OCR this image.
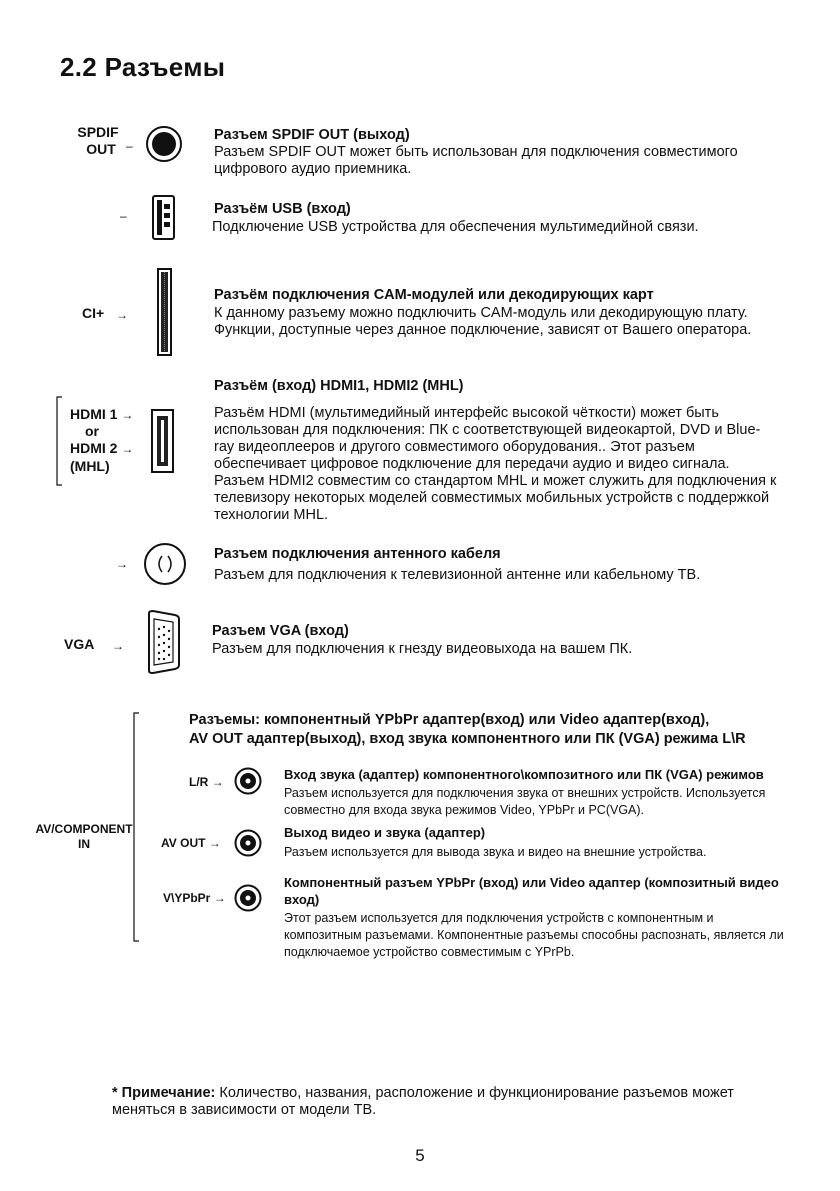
2.2 Разъемы
SPDIF
OUT –
Разъем SPDIF OUT (выход)
Разъем SPDIF OUT может быть использован для подключения совместимого цифрового аудио приемника.
–	Разъём USB (вход)
Подключение USB устройства для обеспечения мультимедийной связи.
CI+ →
Разъём подключения CAM-модулей или декодирующих карт
К данному разъему можно подключить CAM-модуль или декодирующую плату. Функции, доступные через данное подключение, зависят от Вашего оператора.
Разъём (вход) HDMI1, HDMI2 (MHL)
HDMI 1 →
or
HDMI 2 →
(MHL)
Разъём HDMI (мультимедийный интерфейс высокой чёткости) может быть использован для подключения: ПК с соответствующей видеокартой, DVD и Blue-ray видеоплееров и другого совместимого оборудования.. Этот разъем обеспечивает цифровое подключение для передачи аудио и видео сигнала. Разъем HDMI2 совместим со стандартом MHL и может служить для подключения к телевизору некоторых моделей совместимых мобильных устройств с поддержкой технологии MHL.
→
Разъем подключения антенного кабеля
Разъем для подключения к телевизионной антенне или кабельному ТВ.
VGA →
Разъем VGA (вход)
Разъем для подключения к гнезду видеовыхода на вашем ПК.
Разъемы: компонентный YPbPr адаптер(вход) или Video адаптер(вход),
AV OUT адаптер(выход), вход звука компонентного или ПК (VGA) режима L\R
AV/COMPONENT
IN
L/R →	Вход звука (адаптер) компонентного\композитного или ПК (VGA) режимов
Разъем используется для подключения звука от внешних устройств. Используется совместно для входа звука режимов Video, YPbPr и PC(VGA).
AV OUT →
Выход видео и звука (адаптер)
Разъем используется для вывода звука и видео на внешние устройства.
V\YPbPr →
Компонентный разъем YPbPr (вход) или Video адаптер (композитный видео вход)
Этот разъем используется для подключения устройств с компонентным и композитным разъемами. Компонентные разъемы способны распознать, является ли подключаемое устройство совместимым с YPrPb.
* Примечание: Количество, названия, расположение и функционирование разъемов может меняться в зависимости от модели ТВ.
5
